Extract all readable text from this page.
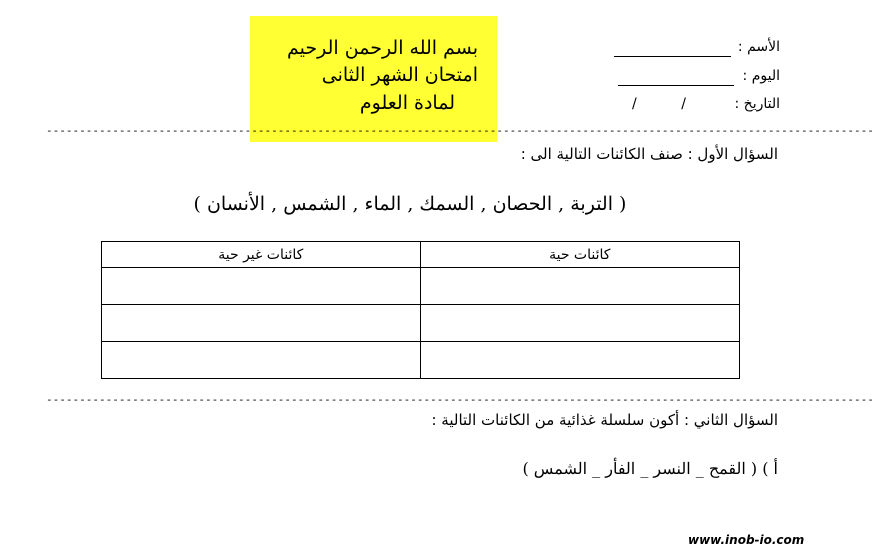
بسم الله الرحمن الرحيم
امتحان الشهر الثانى
لمادة العلوم
الأسم :
اليوم :
التاريخ :
/          /
-----------------------------------------------------------------------------------------------------------------------------
السؤال الأول : صنف الكائنات التالية الى :
( التربة , الحصان , السمك , الماء , الشمس , الأنسان )
كائنات حية	كائنات غير حية

-----------------------------------------------------------------------------------------------------------------------------
السؤال الثاني : أكون سلسلة غذائية من الكائنات التالية :
أ ) ( القمح _ النسر _ الفأر _ الشمس )
www.inob-io.com
